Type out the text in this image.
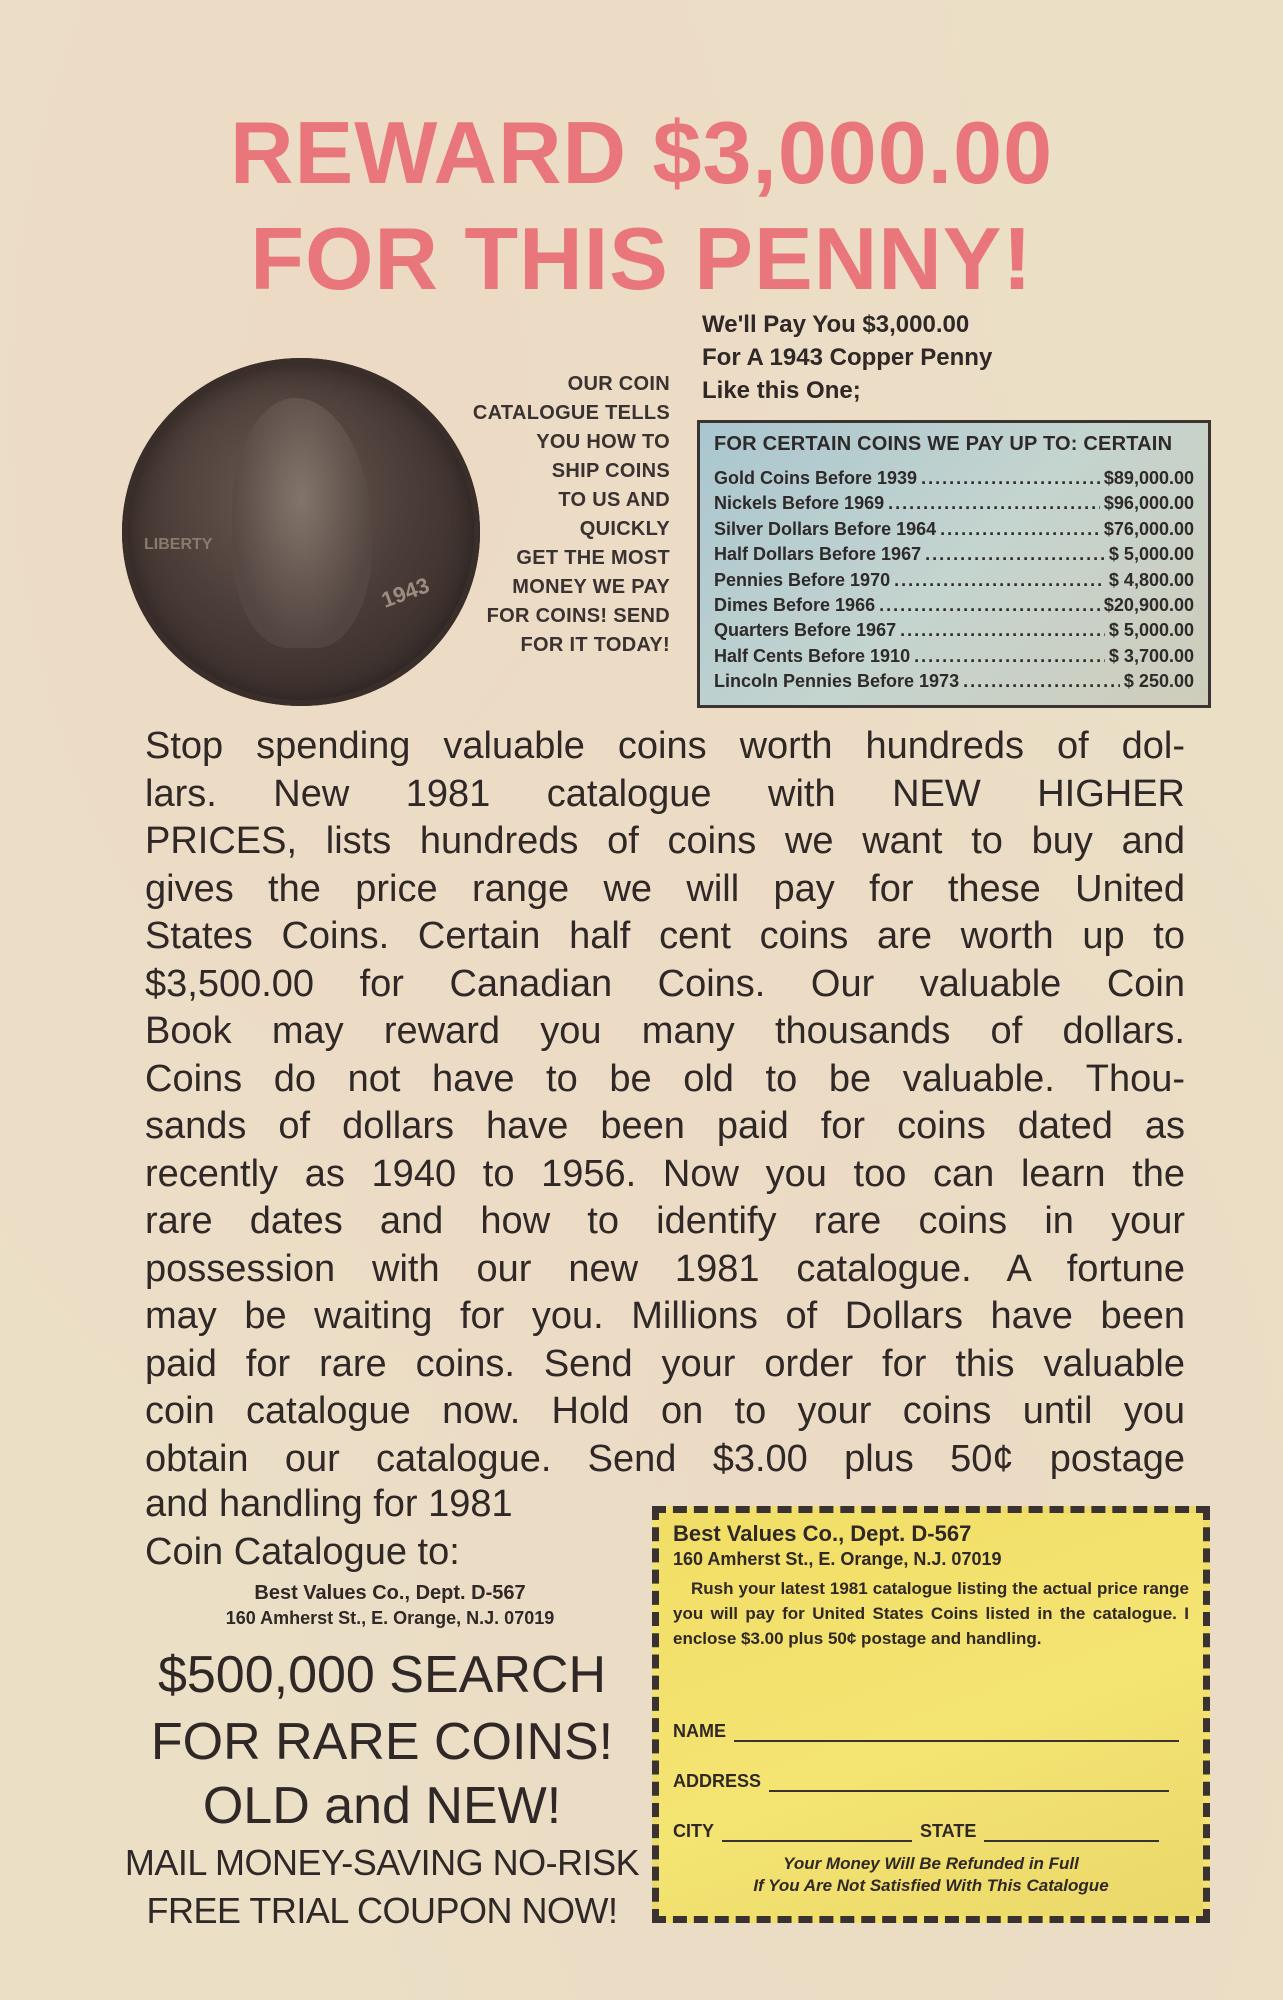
REWARD $3,000.00
FOR THIS PENNY!
LIBERTY
1943
OUR COIN
CATALOGUE TELLS
YOU HOW TO
SHIP COINS
TO US AND
QUICKLY
GET THE MOST
MONEY WE PAY
FOR COINS! SEND
FOR IT TODAY!
We'll Pay You $3,000.00
For A 1943 Copper Penny
Like this One;
FOR CERTAIN COINS WE PAY UP TO: CERTAIN
Gold Coins Before 1939 .....	$89,000.00
Nickels Before 1969 .....	$96,000.00
Silver Dollars Before 1964 .....	$76,000.00
Half Dollars Before 1967 .....	$ 5,000.00
Pennies Before 1970 .....	$ 4,800.00
Dimes Before 1966 .....	$20,900.00
Quarters Before 1967 .....	$ 5,000.00
Half Cents Before 1910 .....	$ 3,700.00
Lincoln Pennies Before 1973 .....	$ 250.00
Stop spending valuable coins worth hundreds of dol-
lars. New 1981 catalogue with NEW HIGHER
PRICES, lists hundreds of coins we want to buy and
gives the price range we will pay for these United
States Coins. Certain half cent coins are worth up to
$3,500.00 for Canadian Coins. Our valuable Coin
Book may reward you many thousands of dollars.
Coins do not have to be old to be valuable. Thou-
sands of dollars have been paid for coins dated as
recently as 1940 to 1956. Now you too can learn the
rare dates and how to identify rare coins in your
possession with our new 1981 catalogue. A fortune
may be waiting for you. Millions of Dollars have been
paid for rare coins. Send your order for this valuable
coin catalogue now. Hold on to your coins until you
obtain our catalogue. Send $3.00 plus 50¢ postage
and handling for 1981
Coin Catalogue to:
Best Values Co., Dept. D-567
160 Amherst St., E. Orange, N.J. 07019
$500,000 SEARCH
FOR RARE COINS!
OLD and NEW!
MAIL MONEY-SAVING NO-RISK
FREE TRIAL COUPON NOW!
Best Values Co., Dept. D-567
160 Amherst St., E. Orange, N.J. 07019
Rush your latest 1981 catalogue listing the actual price range you will pay for United States Coins listed in the catalogue. I enclose $3.00 plus 50¢ postage and handling.
NAME
ADDRESS
CITY	STATE
Your Money Will Be Refunded in Full
If You Are Not Satisfied With This Catalogue
